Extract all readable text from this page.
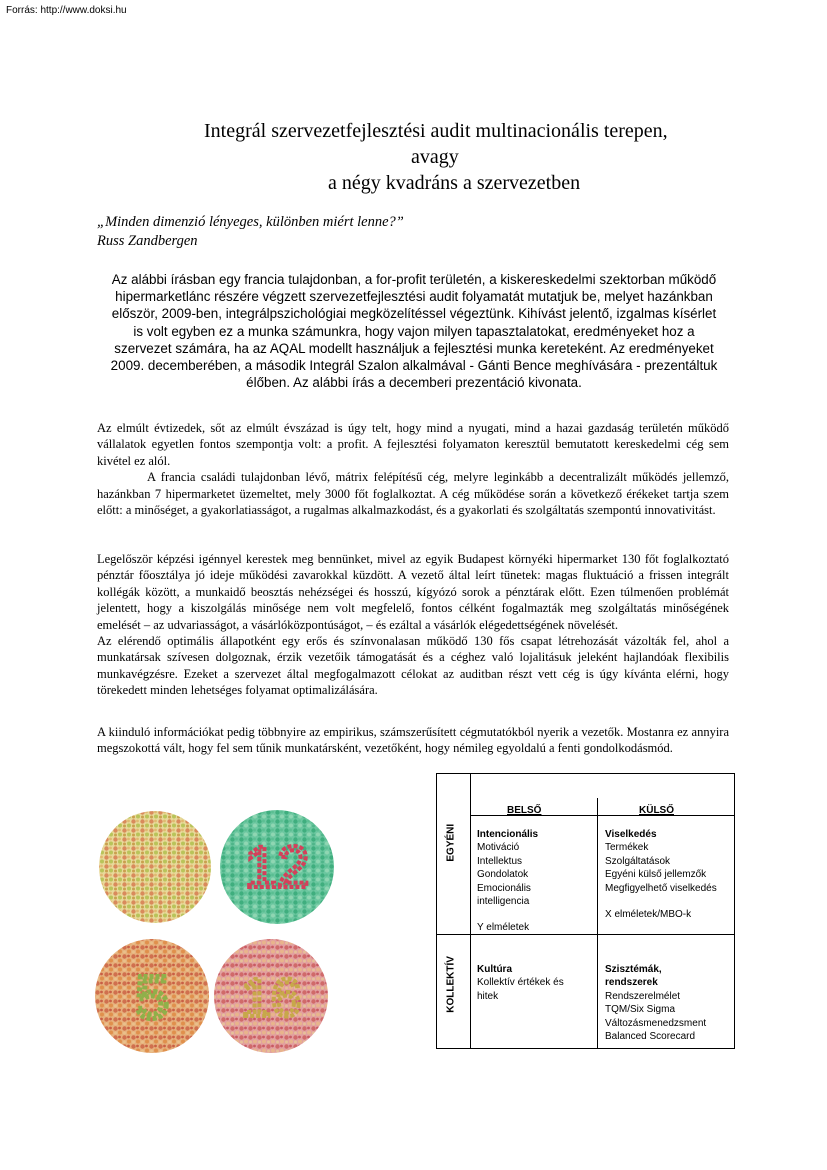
Forrás: http://www.doksi.hu
Integrál szervezetfejlesztési audit multinacionális terepen,
avagy
a négy kvadráns a szervezetben
„Minden dimenzió lényeges, különben miért lenne?”
Russ Zandbergen
Az alábbi írásban egy francia tulajdonban, a for-profit területén, a kiskereskedelmi szektorban működő hipermarketlánc részére végzett szervezetfejlesztési audit folyamatát mutatjuk be, melyet hazánkban először, 2009-ben, integrálpszichológiai megközelítéssel végeztünk. Kihívást jelentő, izgalmas kísérlet is volt egyben ez a munka számunkra, hogy vajon milyen tapasztalatokat, eredményeket hoz a szervezet számára, ha az AQAL modellt használjuk a fejlesztési munka kereteként. Az eredményeket 2009. decemberében, a második Integrál Szalon alkalmával - Gánti Bence meghívására - prezentáltuk élőben. Az alábbi írás a decemberi prezentáció kivonata.

Az elmúlt évtizedek, sőt az elmúlt évszázad is úgy telt, hogy mind a nyugati, mind a hazai gazdaság területén működő vállalatok egyetlen fontos szempontja volt: a profit. A fejlesztési folyamaton keresztül bemutatott kereskedelmi cég sem kivétel ez alól.

A francia családi tulajdonban lévő, mátrix felépítésű cég, melyre leginkább a decentralizált működés jellemző, hazánkban 7 hipermarketet üzemeltet, mely 3000 főt foglalkoztat. A cég működése során a következő érékeket tartja szem előtt: a minőséget, a gyakorlatiasságot, a rugalmas alkalmazkodást, és a gyakorlati és szolgáltatás szempontú innovativitást.

Legelőször képzési igénnyel kerestek meg bennünket, mivel az egyik Budapest környéki hipermarket 130 főt foglalkoztató pénztár főosztálya jó ideje működési zavarokkal küzdött. A vezető által leírt tünetek: magas fluktuáció a frissen integrált kollégák között, a munkaidő beosztás nehézségei és hosszú, kígyózó sorok a pénztárak előtt. Ezen túlmenően problémát jelentett, hogy a kiszolgálás minősége nem volt megfelelő, fontos célként fogalmazták meg szolgáltatás minőségének emelését – az udvariasságot, a vásárlóközpontúságot, – és ezáltal a vásárlók elégedettségének növelését.

Az elérendő optimális állapotként egy erős és színvonalasan működő 130 fős csapat létrehozását vázolták fel, ahol a munkatársak szívesen dolgoznak, érzik vezetőik támogatását és a céghez való lojalitásuk jeleként hajlandóak flexibilis munkavégzésre. Ezeket a szervezet által megfogalmazott célokat az auditban részt vett cég is úgy kívánta elérni, hogy törekedett minden lehetséges folyamat optimalizálására.

A kiinduló információkat pedig többnyire az empirikus, számszerűsített cégmutatókból nyerik a vezetők. Mostanra ez annyira megszokottá vált, hogy fel sem tűnik munkatársként, vezetőként, hogy némileg egyoldalú a fenti gondolkodásmód.

12
5 16
BELSŐ	KÜLSŐ
EGYÉNI
KOLLEKTÍV
Intencionális
Motiváció
Intellektus
Gondolatok
Emocionális
intelligencia
Y elméletek
Viselkedés
Termékek
Szolgáltatások
Egyéni külső jellemzők
Megfigyelhető viselkedés
X elméletek/MBO-k
Kultúra
Kollektív értékek és
hitek
Szisztémák,
rendszerek
Rendszerelmélet
TQM/Six Sigma
Változásmenedzsment
Balanced Scorecard
